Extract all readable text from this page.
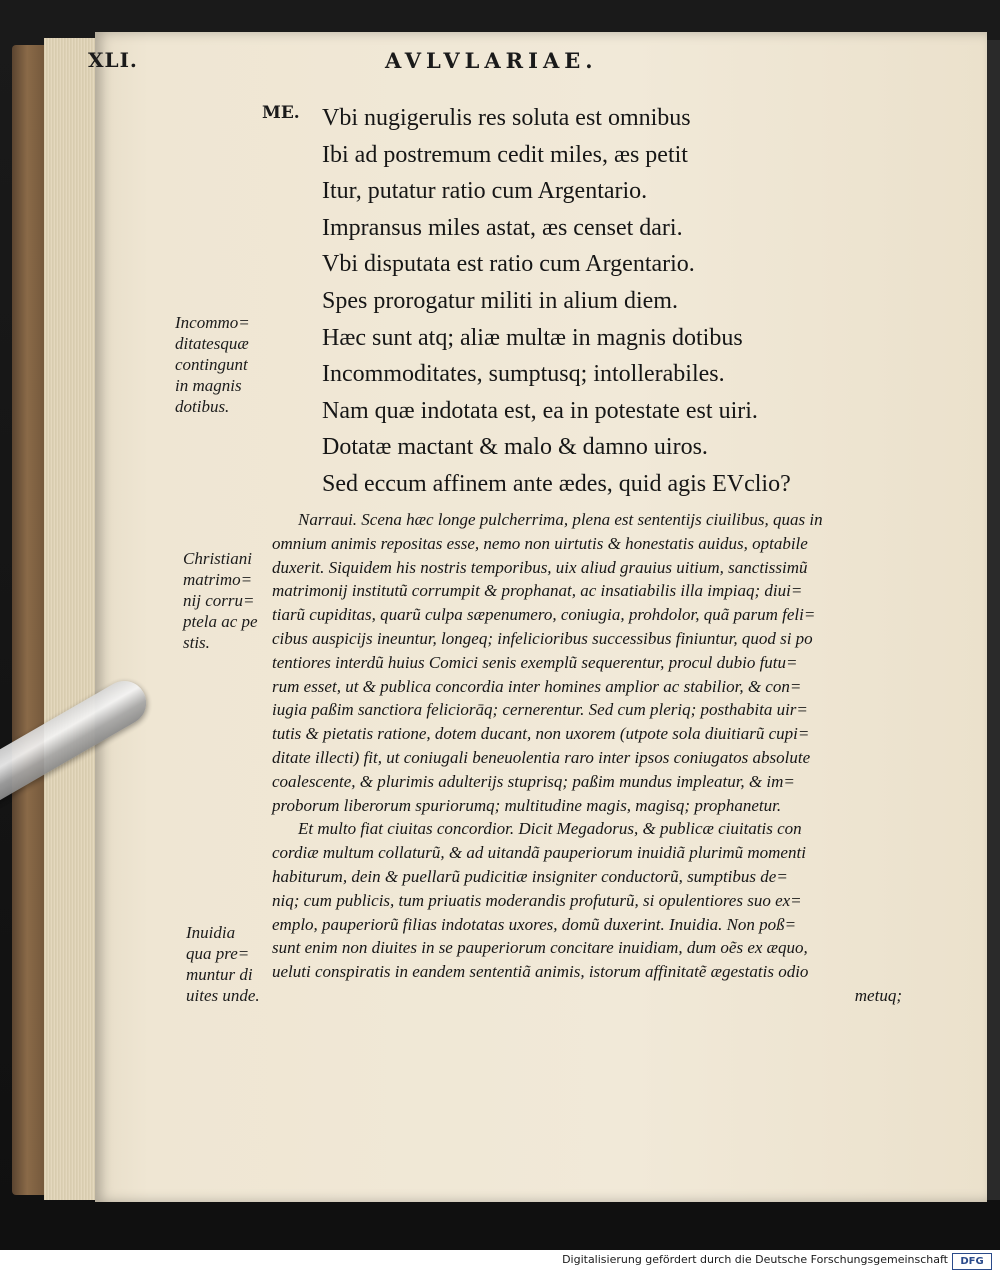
XLI.	AVLVLARIAE.
ME. Vbi nugigerulis res soluta est omnibus
Ibi ad postremum cedit miles, æs petit
Itur, putatur ratio cum Argentario.
Impransus miles astat, æs censet dari.
Vbi disputata est ratio cum Argentario.
Spes prorogatur militi in alium diem.
Hæc sunt atq; aliæ multæ in magnis dotibus
Incommoditates, sumptusq; intollerabiles.
Nam quæ indotata est, ea in potestate est uiri.
Dotatæ mactant & malo & damno uiros.
Sed eccum affinem ante ædes, quid agis EVclio?

Incommo=
ditatesquæ
contingunt
in magnis
dotibus.

Christiani
matrimo=
nij corru=
ptela ac pe
stis.

Inuidia
qua pre=
muntur di
uites unde.

Narraui. Scena hæc longe pulcherrima, plena est sententijs ciuilibus, quas in
omnium animis repositas esse, nemo non uirtutis & honestatis auidus, optabile
duxerit. Siquidem his nostris temporibus, uix aliud grauius uitium, sanctissimũ
matrimonij institutũ corrumpit & prophanat, ac insatiabilis illa impiaq; diui=
tiarũ cupiditas, quarũ culpa sæpenumero, coniugia, prohdolor, quã parum feli=
cibus auspicijs ineuntur, longeq; infelicioribus successibus finiuntur, quod si po
tentiores interdũ huius Comici senis exemplũ sequerentur, procul dubio futu=
rum esset, ut & publica concordia inter homines amplior ac stabilior, & con=
iugia paßim sanctiora feliciorāq; cernerentur. Sed cum pleriq; posthabita uir=
tutis & pietatis ratione, dotem ducant, non uxorem (utpote sola diuitiarũ cupi=
ditate illecti) fit, ut coniugali beneuolentia raro inter ipsos coniugatos absolute
coalescente, & plurimis adulterijs stuprisq; paßim mundus impleatur, & im=
proborum liberorum spuriorumq; multitudine magis, magisq; prophanetur.
Et multo fiat ciuitas concordior. Dicit Megadorus, & publicæ ciuitatis con
cordiæ multum collaturũ, & ad uitandã pauperiorum inuidiã plurimũ momenti
habiturum, dein & puellarũ pudicitiæ insigniter conductorũ, sumptibus de=
niq; cum publicis, tum priuatis moderandis profuturũ, si opulentiores suo ex=
emplo, pauperiorũ filias indotatas uxores, domũ duxerint. Inuidia. Non poß=
sunt enim non diuites in se pauperiorum concitare inuidiam, dum oẽs ex æquo,
ueluti conspiratis in eandem sententiã animis, istorum affinitatẽ ægestatis odio
metuq;
Digitalisierung gefördert durch die Deutsche Forschungsgemeinschaft	DFG
